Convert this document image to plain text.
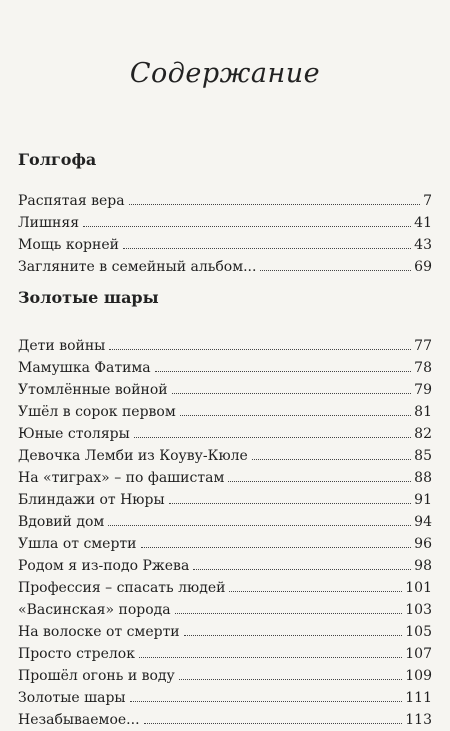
Содержание
Голгофа
Распятая вера	7
Лишняя	41
Мощь корней	43
Загляните в семейный альбом...	69
Золотые шары
Дети войны	77
Мамушка Фатима	78
Утомлённые войной	79
Ушёл в сорок первом	81
Юные столяры	82
Девочка Лемби из Коуву-Кюле	85
На «тиграх» – по фашистам	88
Блиндажи от Нюры	91
Вдовий дом	94
Ушла от смерти	96
Родом я из-подо Ржева	98
Профессия – спасать людей	101
«Васинская» порода	103
На волоске от смерти	105
Просто стрелок	107
Прошёл огонь и воду	109
Золотые шары	111
Незабываемое...	113
